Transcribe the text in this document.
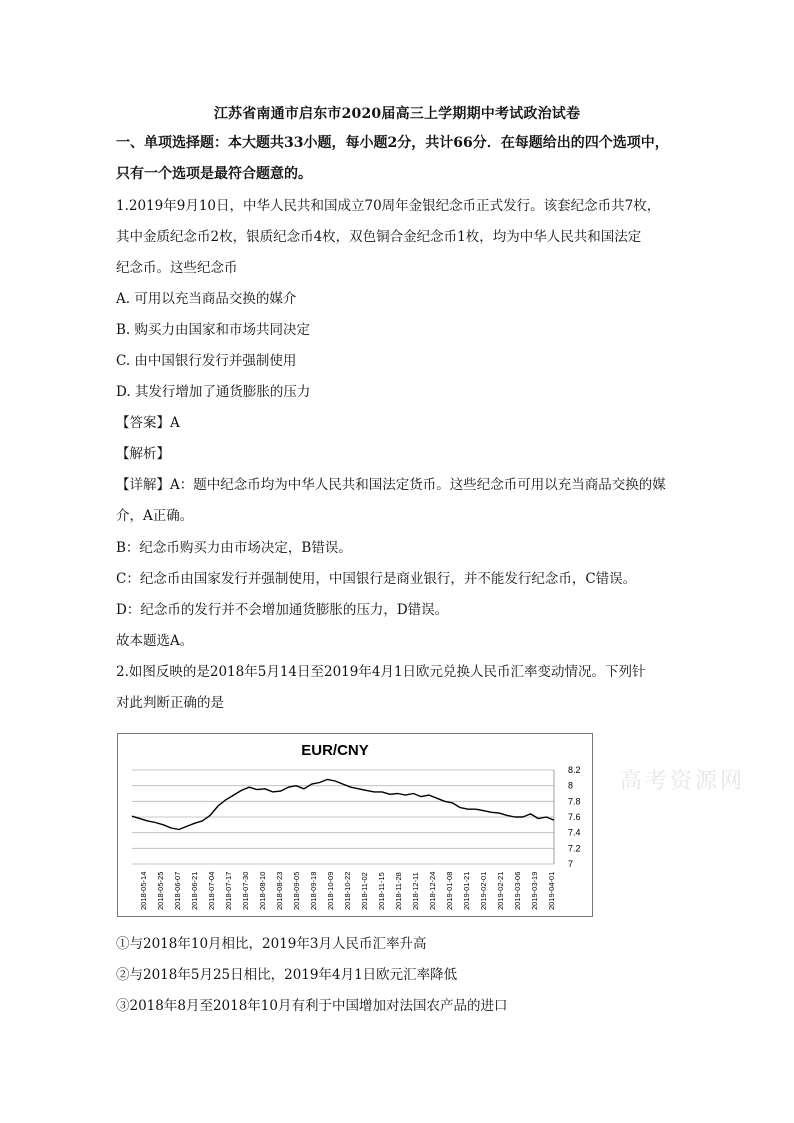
江苏省南通市启东市2020届高三上学期期中考试政治试卷
一、单项选择题：本大题共33小题，每小题2分，共计66分．在每题给出的四个选项中，
只有一个选项是最符合题意的。
1.2019年9月10日，中华人民共和国成立70周年金银纪念币正式发行。该套纪念币共7枚，
其中金质纪念币2枚，银质纪念币4枚，双色铜合金纪念币1枚，均为中华人民共和国法定
纪念币。这些纪念币
A. 可用以充当商品交换的媒介
B. 购买力由国家和市场共同决定
C. 由中国银行发行并强制使用
D. 其发行增加了通货膨胀的压力
【答案】A
【解析】
【详解】A：题中纪念币均为中华人民共和国法定货币。这些纪念币可用以充当商品交换的媒
介，A正确。
B：纪念币购买力由市场决定，B错误。
C：纪念币由国家发行并强制使用，中国银行是商业银行，并不能发行纪念币，C错误。
D：纪念币的发行并不会增加通货膨胀的压力，D错误。
故本题选A。
2.如图反映的是2018年5月14日至2019年4月1日欧元兑换人民币汇率变动情况。下列针
对此判断正确的是
EUR/CNY
8.2
8
7.8
7.6
7.4
7.2
7
2018-05-14 2018-05-25 2018-06-07 2018-06-21 2018-07-04 2018-07-17 2018-07-30 2018-08-10 2018-08-23 2018-09-05 2018-09-18 2018-10-09 2018-10-22 2018-11-02 2018-11-15 2018-11-28 2018-12-11 2018-12-24 2019-01-08 2019-01-21 2019-02-01 2019-02-21 2019-03-06 2019-03-19 2019-04-01
高考资源网
①与2018年10月相比，2019年3月人民币汇率升高
②与2018年5月25日相比，2019年4月1日欧元汇率降低
③2018年8月至2018年10月有利于中国增加对法国农产品的进口
